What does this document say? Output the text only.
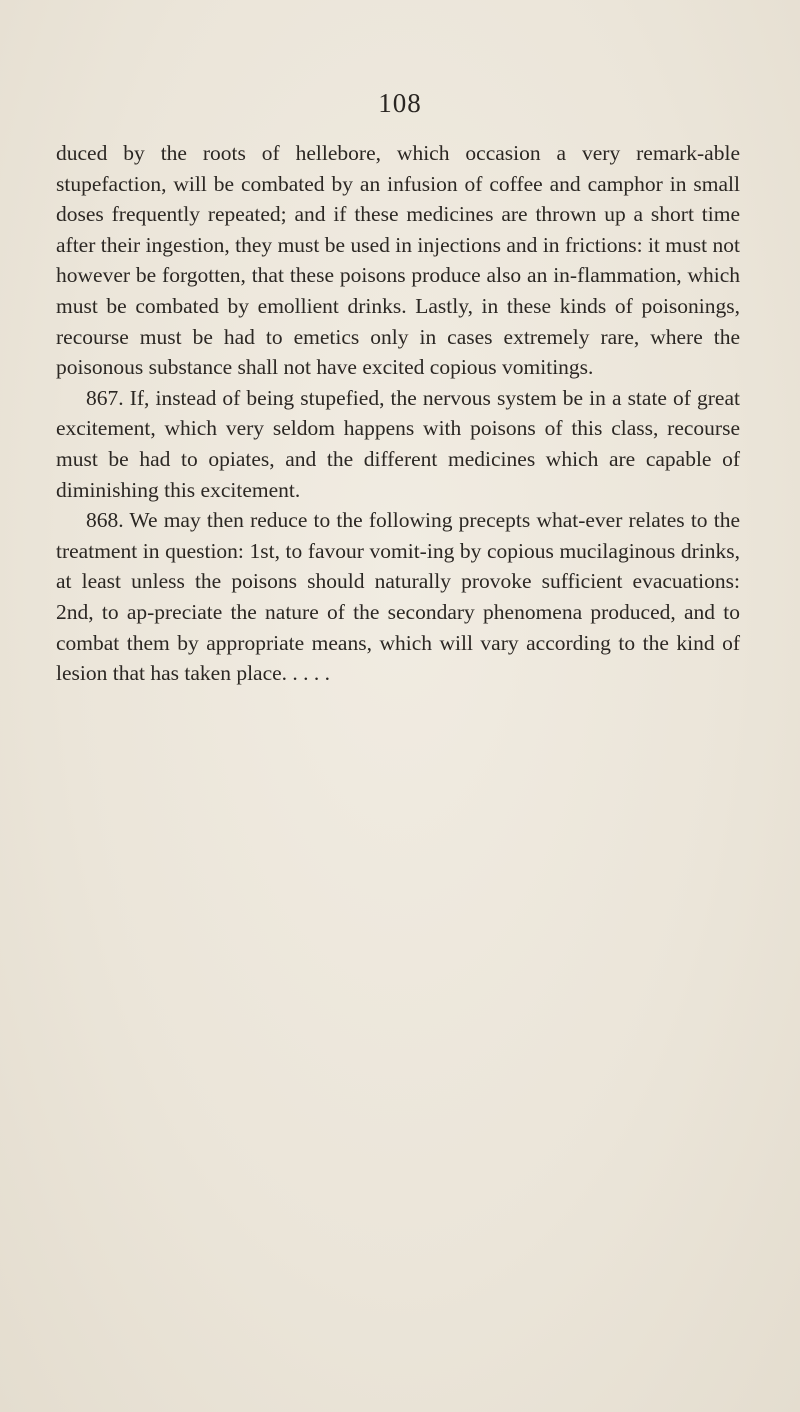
108

duced by the roots of hellebore, which occasion a very remark-able stupefaction, will be combated by an infusion of coffee and camphor in small doses frequently repeated; and if these medicines are thrown up a short time after their ingestion, they must be used in injections and in frictions: it must not however be forgotten, that these poisons produce also an in-flammation, which must be combated by emollient drinks. Lastly, in these kinds of poisonings, recourse must be had to emetics only in cases extremely rare, where the poisonous substance shall not have excited copious vomitings.

867. If, instead of being stupefied, the nervous system be in a state of great excitement, which very seldom happens with poisons of this class, recourse must be had to opiates, and the different medicines which are capable of diminishing this excitement.

868. We may then reduce to the following precepts what-ever relates to the treatment in question: 1st, to favour vomit-ing by copious mucilaginous drinks, at least unless the poisons should naturally provoke sufficient evacuations: 2nd, to ap-preciate the nature of the secondary phenomena produced, and to combat them by appropriate means, which will vary according to the kind of lesion that has taken place. . . . .
